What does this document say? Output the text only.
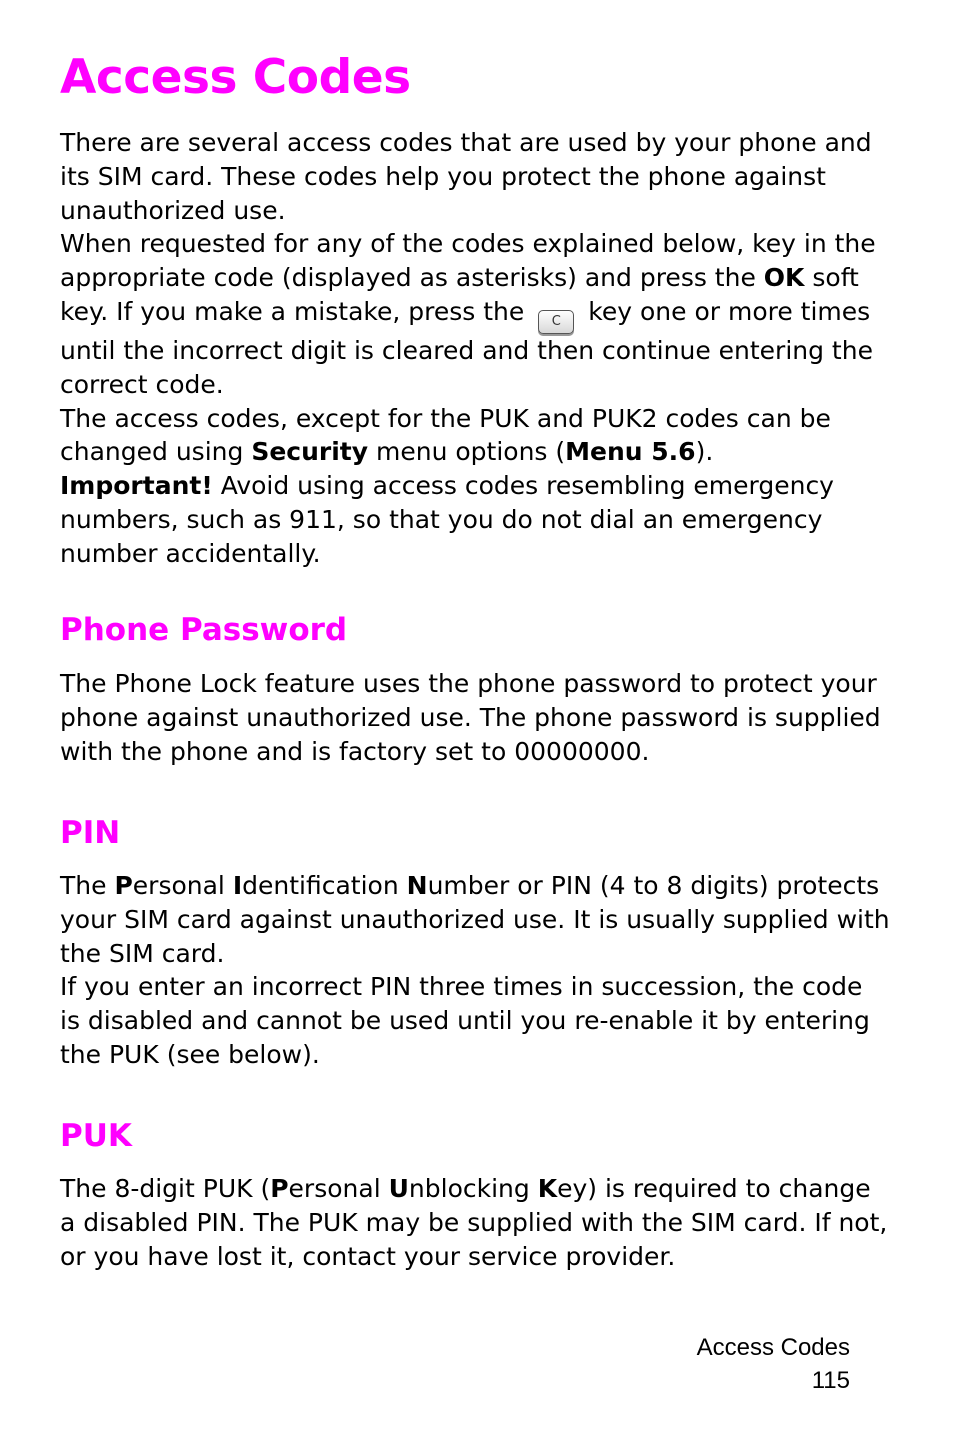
Access Codes

There are several access codes that are used by your phone and its SIM card. These codes help you protect the phone against unauthorized use.

When requested for any of the codes explained below, key in the appropriate code (displayed as asterisks) and press the OK soft key. If you make a mistake, press the C key one or more times until the incorrect digit is cleared and then continue entering the correct code.

The access codes, except for the PUK and PUK2 codes can be changed using Security menu options (Menu 5.6).

Important! Avoid using access codes resembling emergency numbers, such as 911, so that you do not dial an emergency number accidentally.

Phone Password

The Phone Lock feature uses the phone password to protect your phone against unauthorized use. The phone password is supplied with the phone and is factory set to 00000000.

PIN

The Personal Identification Number or PIN (4 to 8 digits) protects your SIM card against unauthorized use. It is usually supplied with the SIM card.

If you enter an incorrect PIN three times in succession, the code is disabled and cannot be used until you re-enable it by entering the PUK (see below).

PUK

The 8-digit PUK (Personal Unblocking Key) is required to change a disabled PIN. The PUK may be supplied with the SIM card. If not, or you have lost it, contact your service provider.

Access Codes
115
